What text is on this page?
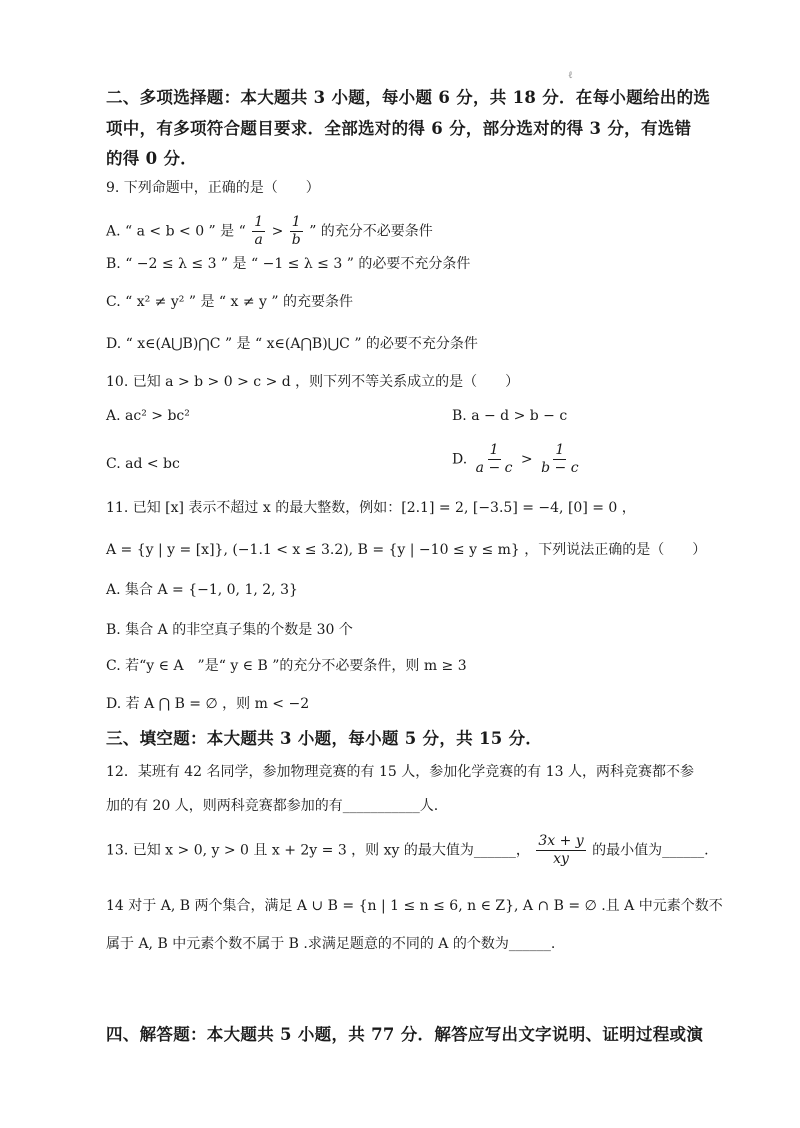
ℓ
二、多项选择题：本大题共 3 小题，每小题 6 分，共 18 分．在每小题给出的选
项中，有多项符合题目要求．全部选对的得 6 分，部分选对的得 3 分，有选错
的得 0 分．
9. 下列命题中，正确的是（　　）
A. “ a < b < 0 ” 是 “ $\frac{1}{a} > \frac{1}{b}$ ” 的充分不必要条件
B. “ −2 ≤ λ ≤ 3 ” 是 “ −1 ≤ λ ≤ 3 ” 的必要不充分条件
C. “ x² ≠ y² ” 是 “ x ≠ y ” 的充要条件
D. “ x∈(A⋃B)⋂C ” 是 “ x∈(A⋂B)⋃C ” 的必要不充分条件
10. 已知 a > b > 0 > c > d ，则下列不等关系成立的是（　　）
A. ac² > bc²	B. a − d > b − c
C. ad < bc	D. $\frac{1}{a - c} > \frac{1}{b - c}$
11. 已知 [x] 表示不超过 x 的最大整数，例如：[2.1] = 2, [−3.5] = −4, [0] = 0 ，
A = {y | y = [x]}, (−1.1 < x ≤ 3.2), B = {y | −10 ≤ y ≤ m} ，下列说法正确的是（　　）
A. 集合 A = {−1, 0, 1, 2, 3}
B. 集合 A 的非空真子集的个数是 30 个
C. 若“y ∈ A　”是“ y ∈ B ”的充分不必要条件，则 m ≥ 3
D. 若 A ⋂ B = ∅ ，则 m < −2
三、填空题：本大题共 3 小题，每小题 5 分，共 15 分．
12．某班有 42 名同学，参加物理竞赛的有 15 人，参加化学竞赛的有 13 人，两科竞赛都不参
加的有 20 人，则两科竞赛都参加的有___________人.
13. 已知 x > 0, y > 0 且 x + 2y = 3 ，则 xy 的最大值为______， $\frac{3x + y}{xy}$ 的最小值为______.
14 对于 A, B 两个集合，满足 A ∪ B = {n | 1 ≤ n ≤ 6, n ∈ Z}, A ∩ B = ∅ .且 A 中元素个数不
属于 A, B 中元素个数不属于 B .求满足题意的不同的 A 的个数为______.
四、解答题：本大题共 5 小题，共 77 分．解答应写出文字说明、证明过程或演
